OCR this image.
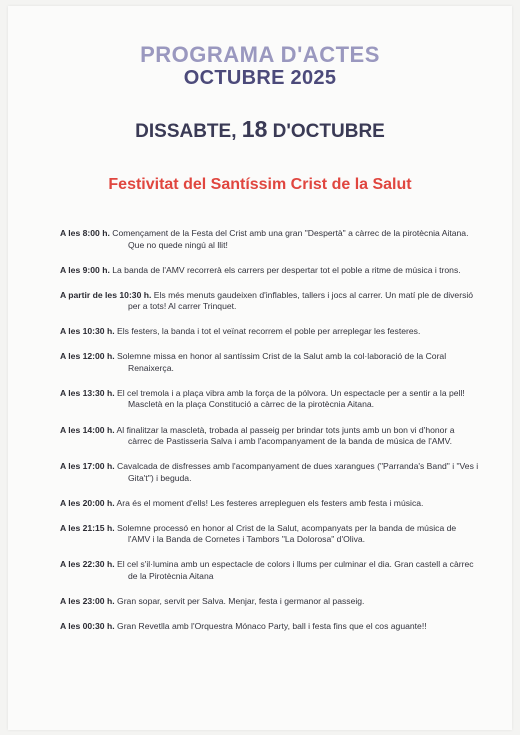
PROGRAMA D'ACTES
OCTUBRE 2025
DISSABTE, 18 D'OCTUBRE
Festivitat del Santíssim Crist de la Salut
A les 8:00 h. Començament de la Festa del Crist amb una gran "Despertà" a càrrec de la pirotècnia Aitana. Que no quede ningú al llit!
A les 9:00 h. La banda de l'AMV recorrerà els carrers per despertar tot el poble a ritme de música i trons.
A partir de les 10:30 h. Els més menuts gaudeixen d'inflables, tallers i jocs al carrer. Un matí ple de diversió per a tots! Al carrer Trinquet.
A les 10:30 h. Els festers, la banda i tot el veïnat recorrem el poble per arreplegar les festeres.
A les 12:00 h. Solemne missa en honor al santíssim Crist de la Salut amb la col·laboració de la Coral Renaixerça.
A les 13:30 h. El cel tremola i a plaça vibra amb la força de la pólvora. Un espectacle per a sentir a la pell! Mascletà en la plaça Constitució a càrrec de la pirotècnia Aitana.
A les 14:00 h. Al finalitzar la mascletà, trobada al passeig per brindar tots junts amb un bon vi d'honor a càrrec de Pastisseria Salva i amb l'acompanyament de la banda de música de l'AMV.
A les 17:00 h. Cavalcada de disfresses amb l'acompanyament de dues xarangues ("Parranda's Band" i "Ves i Gita't") i beguda.
A les 20:00 h. Ara és el moment d'ells! Les festeres arrepleguen els festers amb festa i música.
A les 21:15 h. Solemne processó en honor al Crist de la Salut, acompanyats per la banda de música de l'AMV i la Banda de Cornetes i Tambors "La Dolorosa" d'Oliva.
A les 22:30 h. El cel s'il·lumina amb un espectacle de colors i llums per culminar el dia. Gran castell a càrrec de la Pirotècnia Aitana
A les 23:00 h. Gran sopar, servit per Salva. Menjar, festa i germanor al passeig.
A les 00:30 h. Gran Revetlla amb l'Orquestra Mónaco Party, ball i festa fins que el cos aguante!!
